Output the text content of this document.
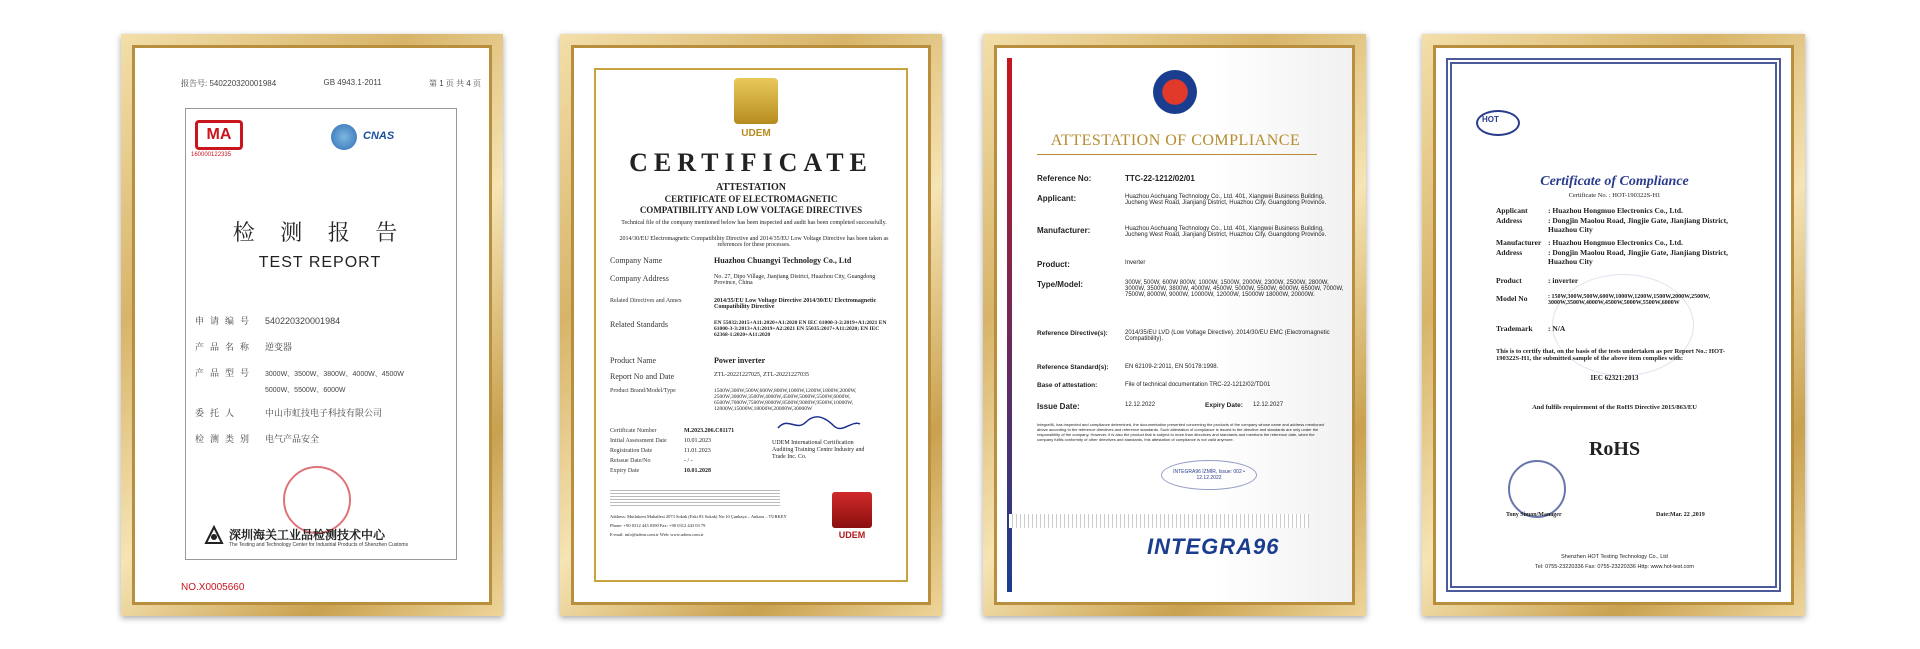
报告号: 540220320001984	GB 4943.1-2011	第 1 页 共 4 页
MA
160000122335
CNAS
检 测 报 告
TEST REPORT
申请编号 540220320001984
产品名称 逆变器
产品型号 3000W、3500W、3800W、4000W、4500W
5000W、5500W、6000W
委托人	中山市虹技电子科技有限公司
检测类别 电气产品安全
深圳海关工业品检测技术中心
The Testing and Technology Center for Industrial Products of Shenzhen Customs
NO.X0005660
UDEM
CERTIFICATE
ATTESTATION
CERTIFICATE OF ELECTROMAGNETIC
COMPATIBILITY AND LOW VOLTAGE DIRECTIVES
Technical file of the company mentioned below has been inspected and audit has been completed successfully.
2014/30/EU Electromagnetic Compatibility Directive and 2014/35/EU Low Voltage Directive has been taken as references for these processes.
Company Name	Huazhou Chuangyi Technology Co., Ltd
Company Address	No. 27, Dipo Village, Jianjiang District, Huazhou City, Guangdong Province, China
Related Directives and Annex	2014/35/EU Low Voltage Directive 2014/30/EU Electromagnetic Compatibility Directive
Related Standards	EN 55032:2015+A11:2020+A1:2020 EN IEC 61000-3-2:2019+A1:2021 EN 61000-3-3:2013+A1:2019+A2:2021 EN 55035:2017+A11:2020; EN IEC 62368-1:2020+A11:2020
Product Name	Power inverter
Report No and Date	ZTL-20221227025, ZTL-20221227035
Product Brand/Model/Type	1500W,300W,500W,600W,800W,1000W,1200W,1800W,2000W, 2500W,3000W,3500W,4000W,4500W,5000W,5500W,6000W, 6500W,7000W,7500W,8000W,8500W,9000W,9500W,10000W, 12000W,15000W,18000W,20000W,30000W
Certificate Number	M.2023.206.C81171
Initial Assessment Date	10.01.2023
Registration Date	11.01.2023
Reissue Date/No	- / -
Expiry Date	10.01.2028
UDEM International Certification Auditing Training Centre Industry and Trade Inc. Co.
Address: Mutlukent Mahallesi 2073 Sokak (Eski 83 Sokak) No:10 Çankaya – Ankara – TURKEY
Phone: +90 0312 443 0390 Fax: +90 0312 443 03 79
E-mail: info@udem.com.tr Web: www.udem.com.tr	UDEM
ATTESTATION OF COMPLIANCE
Reference No:	TTC-22-1212/02/01
Applicant:	Huazhou Aochuang Technology Co., Ltd. 401, Xiangwei Business Building, Jucheng West Road, Jianjiang District, Huazhou City, Guangdong Province.
Manufacturer:	Huazhou Aochuang Technology Co., Ltd. 401, Xiangwei Business Building, Jucheng West Road, Jianjiang District, Huazhou City, Guangdong Province.
Product:	Inverter
Type/Model:	300W, 500W, 600W 800W, 1000W, 1500W, 2000W, 2300W, 2500W, 2800W, 3000W, 3500W, 3800W, 4000W, 4500W, 5000W, 5500W, 6000W, 6500W, 7000W, 7500W, 8000W, 9000W, 10000W, 12000W, 15000W 18000W, 20000W.
Reference Directive(s):	2014/35/EU LVD (Low Voltage Directive). 2014/30/EU EMC (Electromagnetic Compatibility).
Reference Standard(s):	EN 62109-2:2011, EN 50178:1998.
Base of attestation:	File of technical documentation TRC-22-1212/02/TD01
Issue Date:	12.12.2022	Expiry Date:	12.12.2027
Integra96, has inspected and compliance determined, the documentation presented concerning the products of the company whose name and address mentioned above according to the reference directives and reference standards. Such attestation of compliance is issued to the directive and standards are only under the responsibility of the company. However, it is also the product that is subject to more than directives and standards and mentions the reference date, when the company fulfils conformity of other directives and standards, this attestation of compliance is not valid anymore.
INTEGRA96 İZMİR, Issue: 002 • 12.12.2022
INTEGRA96
HOT
Certificate of Compliance
Certificate No. : HOT-190322S-H1
Applicant	: Huazhou Hongmuo Electronics Co., Ltd.
Address	: Dongjin Maolou Road, Jingjie Gate, Jianjiang District, Huazhou City
Manufacturer : Huazhou Hongmuo Electronics Co., Ltd.
Address	: Dongjin Maolou Road, Jingjie Gate, Jianjiang District, Huazhou City
Product	: inverter
Model No	: 150W,300W,500W,600W,1000W,1200W,1500W,2000W,2500W, 3000W,3500W,4000W,4500W,5000W,5500W,6000W
Trademark	: N/A
This is to certify that, on the basis of the tests undertaken as per Report No.: HOT-190322S-H1, the submitted sample of the above item complies with:
IEC 62321:2013
And fulfils requirement of the RoHS Directive 2015/863/EU
RoHS
Tony Simon/Manager	Date:Mar. 22 ,2019
Shenzhen HOT Testing Technology Co., Ltd
Tel: 0755-23220336 Fax: 0755-23220336 Http: www.hot-test.com
